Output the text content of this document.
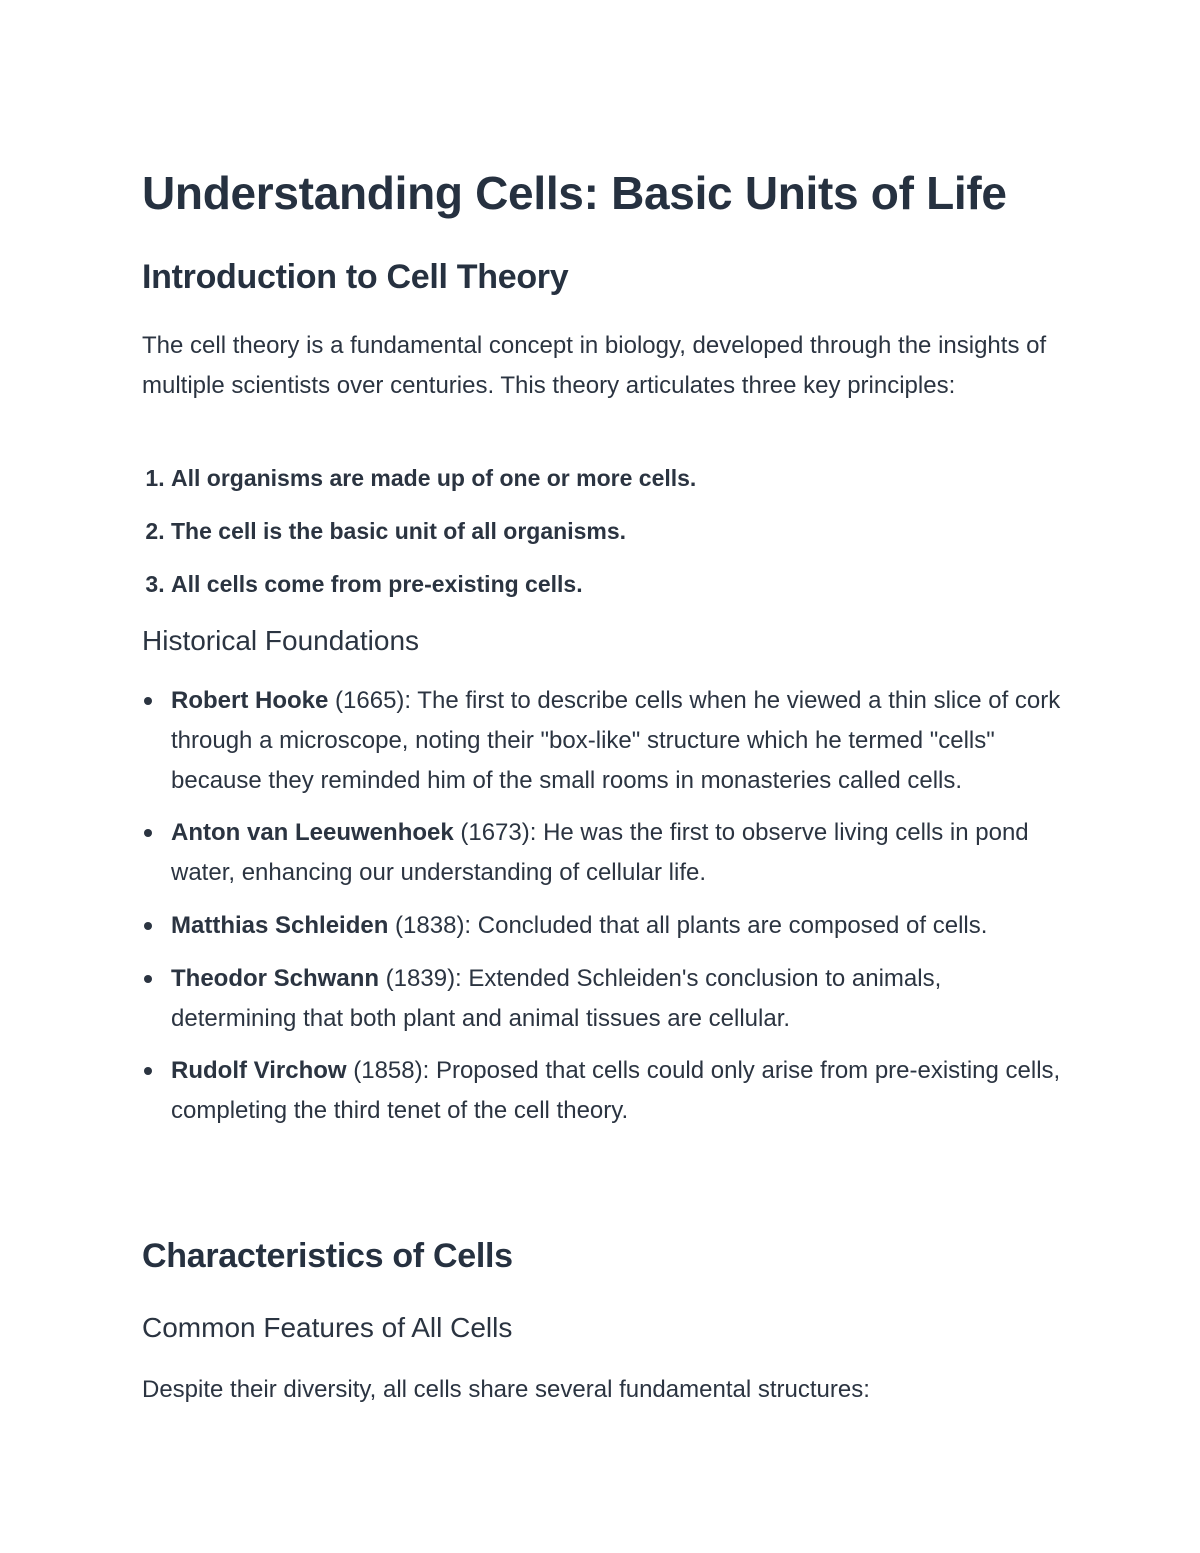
Understanding Cells: Basic Units of Life
Introduction to Cell Theory

The cell theory is a fundamental concept in biology, developed through the insights of multiple scientists over centuries. This theory articulates three key principles:

1 . All organisms are made up of one or more cells.
2 . The cell is the basic unit of all organisms.
3 . All cells come from pre-existing cells.
Historical Foundations
Robert Hooke (1665): The first to describe cells when he viewed a thin slice of cork through a microscope, noting their "box-like" structure which he termed "cells" because they reminded him of the small rooms in monasteries called cells.
Anton van Leeuwenhoek (1673): He was the first to observe living cells in pond water, enhancing our understanding of cellular life.
Matthias Schleiden (1838): Concluded that all plants are composed of cells.
Theodor Schwann (1839): Extended Schleiden's conclusion to animals, determining that both plant and animal tissues are cellular.
Rudolf Virchow (1858): Proposed that cells could only arise from pre-existing cells, completing the third tenet of the cell theory.
Characteristics of Cells
Common Features of All Cells

Despite their diversity, all cells share several fundamental structures:
